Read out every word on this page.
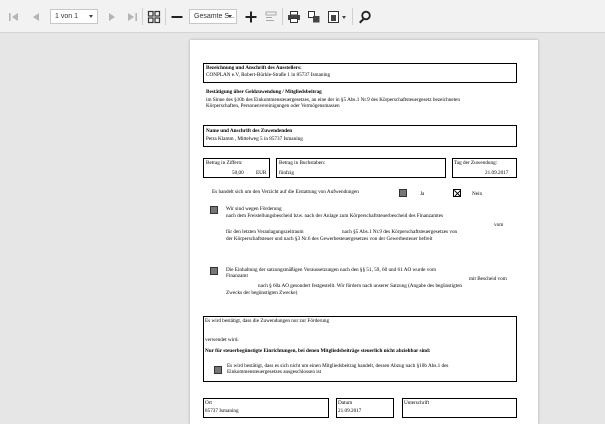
1 von 1	Gesamte S...
Bezeichnung und Anschrift des Ausstellers:
CONPLAN e.V, Robert-Bürkle-Straße 1 in 85737 Ismaning
Bestätigung über Geldzuwendung / Mitgliedsbeitrag
im Sinne des §10b des Einkommensteuergesetzes, an eine der in §5 Abs.1 Nr.9 des Körperschaftsteuergesetz bezeichneten
Körperschaften, Personenvereinigungen oder Vermögensmassen
Name und Anschrift des Zuwendenden
Petra Klamm , Mittelweg 5 in 85737 Ismaning
Betrag in Ziffern:
50,00 EUR
Betrag in Buchstaben:
fünfzig
Tag der Zuwendung:
21.09.2017
Es handelt sich um den Verzicht auf die Erstattung von Aufwendungen	Ja	Nein
Wir sind wegen Förderung
nach dem Freistellungsbescheid bzw. nach der Anlage zum Körperschaftsteuerbescheid des Finanzamtes
vom
für den letzten Veranlagungszeitraum	nach §5 Abs.1 Nr.9 des Körperschaftsteuergesetzes von
der Körperschaftsteuer und nach §3 Nr.6 des Gewerbesteuergesetzes von der Gewerbesteuer befreit
Die Einhaltung der satzungsmäßigen Voraussetzungen nach den §§ 51, 59, 60 und 61 AO wurde vom
Finanzamt	mit Bescheid vom
nach § 60a AO gesondert festgestellt. Wir fördern nach unserer Satzung (Angabe des begünstigten
Zwecks der begünstigten Zwecke)
Es wird bestätigt, dass die Zuwendungen nur zur Förderung
verwendet wird.
Nur für steuerbegünstigte Einrichtungen, bei denen Mitgliedsbeiträge steuerlich nicht abziehbar sind:
Es wird bestätigt, dass es sich nicht um einen Mitgliedsbeitrag handelt, dessen Abzug nach §10b Abs.1 des
Einkommensteuergesetzes ausgeschlossen ist
Ort
85737 Ismaning
Datum
21.09.2017
Unterschrift
